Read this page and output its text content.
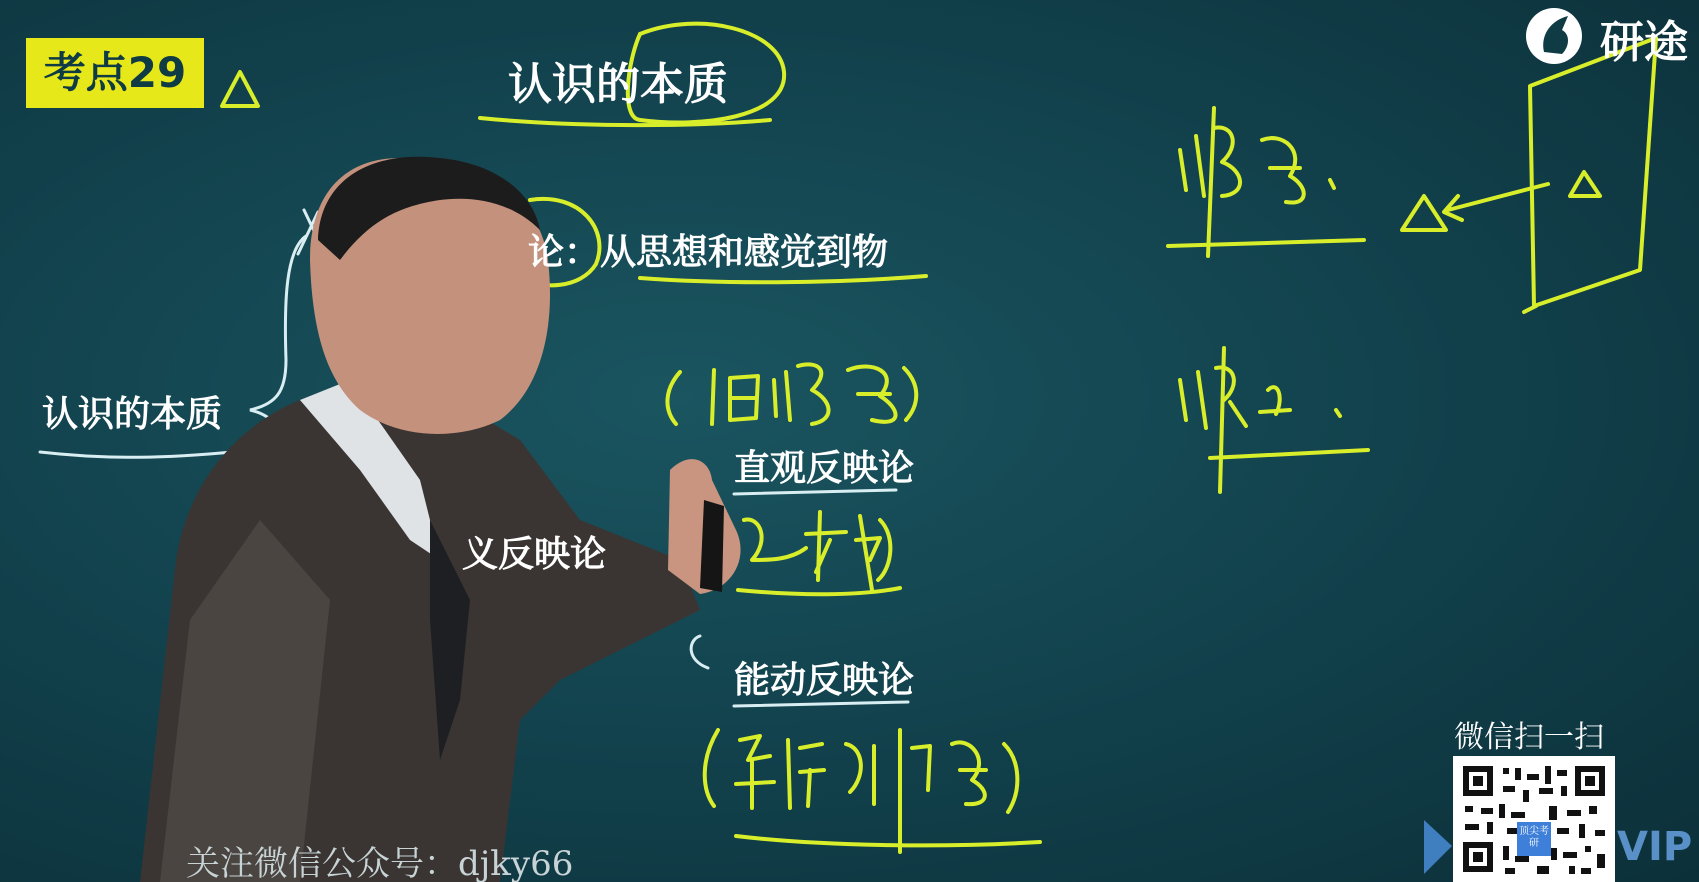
考点29	认识的本质
认识的本质
论：从思想和感觉到物
直观反映论
义反映论
能动反映论
研途
关注微信公众号：djky66
微信扫一扫
顶尖考研	VIP
